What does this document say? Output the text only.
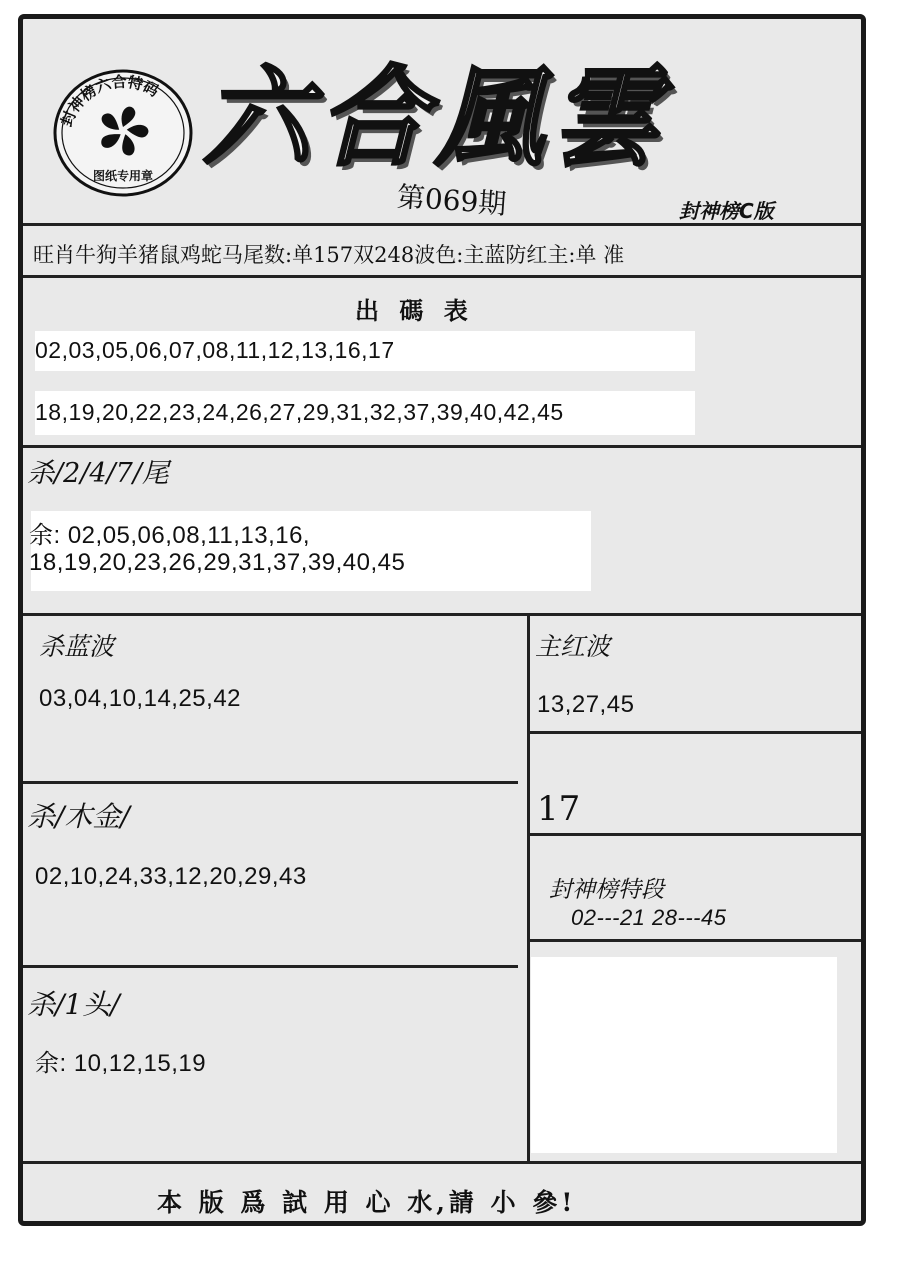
封神榜六合特码
图纸专用章 六合風雲
第069期	封神榜C版
旺肖牛狗羊猪鼠鸡蛇马尾数:单157双248波色:主蓝防红主:单 准
出 碼 表
02,03,05,06,07,08,11,12,13,16,17
18,19,20,22,23,24,26,27,29,31,32,37,39,40,42,45
杀/2/4/7/尾
余: 02,05,06,08,11,13,16,
18,19,20,23,26,29,31,37,39,40,45
杀蓝波
03,04,10,14,25,42
杀/木金/
02,10,24,33,12,20,29,43
杀/1头/
余: 10,12,15,19
主红波
13,27,45
17
封神榜特段
02---21 28---45
本 版 爲 試 用 心 水,請 小 參!
